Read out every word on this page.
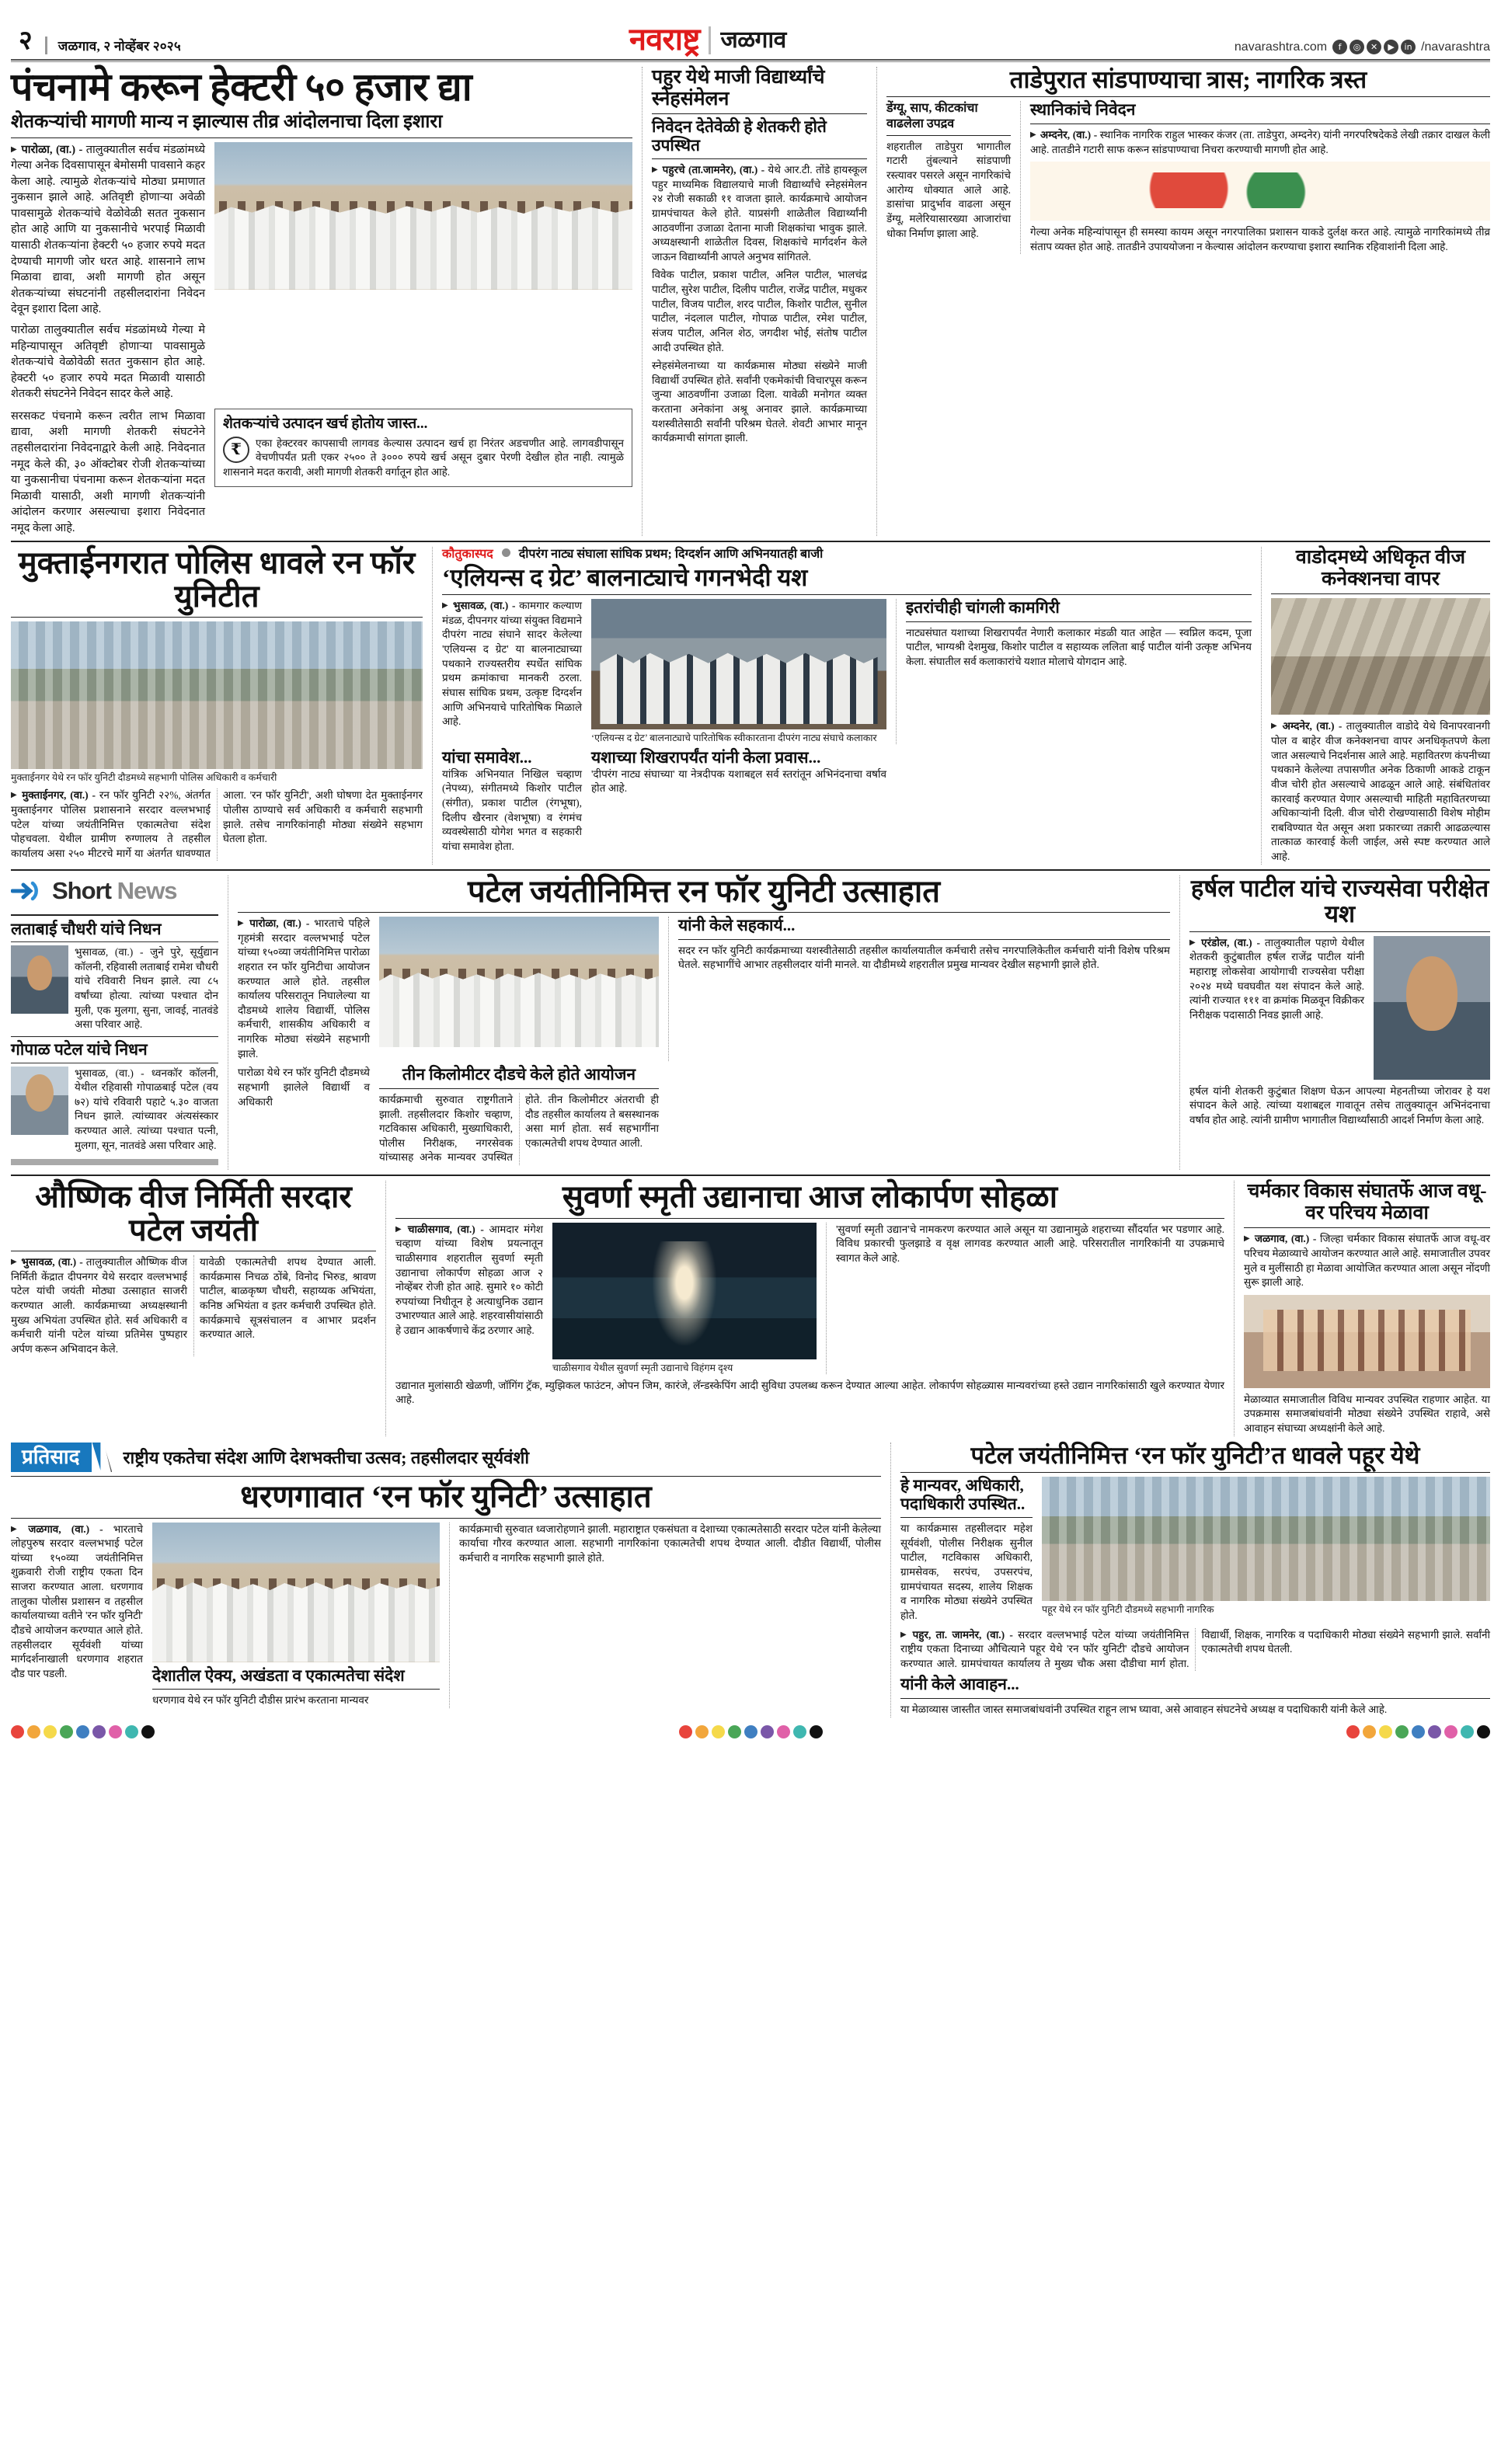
२	जळगाव, २ नोव्हेंबर २०२५	नवराष्ट्र जळगाव	navarashtra.com	f	◎	✕	▶	in /navarashtra
पंचनामे करून हेक्टरी ५० हजार द्या
शेतकऱ्यांची मागणी मान्य न झाल्यास तीव्र आंदोलनाचा दिला इशारा

▶ पारोळा, (वा.) - तालुक्यातील सर्वच मंडळांमध्ये गेल्या अनेक दिवसापासून बेमोसमी पावसाने कहर केला आहे. त्यामुळे शेतकऱ्यांचे मोठ्या प्रमाणात नुकसान झाले आहे. अतिवृष्टी होणाऱ्या अवेळी पावसामुळे शेतकऱ्यांचे वेळोवेळी सतत नुकसान होत आहे आणि या नुकसानीचे भरपाई मिळावी यासाठी शेतकऱ्यांना हेक्टरी ५० हजार रुपये मदत देण्याची मागणी जोर धरत आहे. शासनाने लाभ मिळावा द्यावा, अशी मागणी होत असून शेतकऱ्यांच्या संघटनांनी तहसीलदारांना निवेदन देवून इशारा दिला आहे.

पारोळा तालुक्यातील सर्वच मंडळांमध्ये गेल्या मे महिन्यापासून अतिवृष्टी होणाऱ्या पावसामुळे शेतकऱ्यांचे वेळोवेळी सतत नुकसान होत आहे. हेक्टरी ५० हजार रुपये मदत मिळावी यासाठी शेतकरी संघटनेने निवेदन सादर केले आहे.

सरसकट पंचनामे करून त्वरीत लाभ मिळावा द्यावा, अशी मागणी शेतकरी संघटनेने तहसीलदारांना निवेदनाद्वारे केली आहे. निवेदनात नमूद केले की, ३० ऑक्टोबर रोजी शेतकऱ्यांच्या या नुकसानीचा पंचनामा करून शेतकऱ्यांना मदत मिळावी यासाठी, अशी मागणी शेतकऱ्यांनी आंदोलन करणार असल्याचा इशारा निवेदनात नमूद केला आहे.

शेतकऱ्यांचे उत्पादन खर्च होतोय जास्त...
₹	एका हेक्टरवर कापसाची लागवड केल्यास उत्पादन खर्च हा निरंतर अडचणीत आहे. लागवडीपासून वेचणीपर्यंत प्रती एकर २५०० ते ३००० रुपये खर्च असून दुबार पेरणी देखील होत नाही. त्यामुळे शासनाने मदत करावी, अशी मागणी शेतकरी वर्गातून होत आहे.
पहुर येथे माजी विद्यार्थ्यांचे स्नेहसंमेलन
निवेदन देतेवेळी हे शेतकरी होते उपस्थित

▶ पहुरचे (ता.जामनेर), (वा.) - येथे आर.टी. तोंडे हायस्कूल पहुर माध्यमिक विद्यालयाचे माजी विद्यार्थ्यांचे स्नेहसंमेलन २४ रोजी सकाळी ११ वाजता झाले. कार्यक्रमाचे आयोजन ग्रामपंचायत केले होते. याप्रसंगी शाळेतील विद्यार्थ्यांनी आठवणींना उजाळा देताना माजी शिक्षकांचा भावुक झाले. अध्यक्षस्थानी शाळेतील दिवस, शिक्षकांचे मार्गदर्शन केले जाऊन विद्यार्थ्यांनी आपले अनुभव सांगितले.

विवेक पाटील, प्रकाश पाटील, अनिल पाटील, भालचंद्र पाटील, सुरेश पाटील, दिलीप पाटील, राजेंद्र पाटील, मधुकर पाटील, विजय पाटील, शरद पाटील, किशोर पाटील, सुनील पाटील, नंदलाल पाटील, गोपाळ पाटील, रमेश पाटील, संजय पाटील, अनिल शेठ, जगदीश भोई, संतोष पाटील आदी उपस्थित होते.

स्नेहसंमेलनाच्या या कार्यक्रमास मोठ्या संख्येने माजी विद्यार्थी उपस्थित होते. सर्वांनी एकमेकांची विचारपूस करून जुन्या आठवणींना उजाळा दिला. यावेळी मनोगत व्यक्त करताना अनेकांना अश्रू अनावर झाले. कार्यक्रमाच्या यशस्वीतेसाठी सर्वांनी परिश्रम घेतले. शेवटी आभार मानून कार्यक्रमाची सांगता झाली.

ताडेपुरात सांडपाण्याचा त्रास; नागरिक त्रस्त
डेंग्यू, साप, कीटकांचा वाढलेला उपद्रव

शहरातील ताडेपुरा भागातील गटारी तुंबल्याने सांडपाणी रस्त्यावर पसरले असून नागरिकांचे आरोग्य धोक्यात आले आहे. डासांचा प्रादुर्भाव वाढला असून डेंग्यू, मलेरियासारख्या आजारांचा धोका निर्माण झाला आहे.

स्थानिकांचे निवेदन

▶ अम्दनेर, (वा.) - स्थानिक नागरिक राहुल भास्कर कंजर (ता. ताडेपुरा, अम्दनेर) यांनी नगरपरिषदेकडे लेखी तक्रार दाखल केली आहे. तातडीने गटारी साफ करून सांडपाण्याचा निचरा करण्याची मागणी होत आहे.

गेल्या अनेक महिन्यांपासून ही समस्या कायम असून नगरपालिका प्रशासन याकडे दुर्लक्ष करत आहे. त्यामुळे नागरिकांमध्ये तीव्र संताप व्यक्त होत आहे. तातडीने उपाययोजना न केल्यास आंदोलन करण्याचा इशारा स्थानिक रहिवाशांनी दिला आहे.

मुक्ताईनगरात पोलिस धावले रन फॉर युनिटीत
मुक्ताईनगर येथे रन फॉर युनिटी दौडमध्ये सहभागी पोलिस अधिकारी व कर्मचारी

▶ मुक्ताईनगर, (वा.) - रन फॉर युनिटी २२%, अंतर्गत मुक्ताईनगर पोलिस प्रशासनाने सरदार वल्लभभाई पटेल यांच्या जयंतीनिमित्त एकात्मतेचा संदेश पोहचवला. येथील ग्रामीण रुग्णालय ते तहसील कार्यालय असा २५० मीटरचे मार्गे या अंतर्गत धावण्यात आला. 'रन फॉर युनिटी', अशी घोषणा देत मुक्ताईनगर पोलीस ठाण्याचे सर्व अधिकारी व कर्मचारी सहभागी झाले. तसेच नागरिकांनाही मोठ्या संख्येने सहभाग घेतला होता.

कौतुकास्पद दीपरंग नाट्य संघाला सांघिक प्रथम; दिग्दर्शन आणि अभिनयातही बाजी
‘एलियन्स द ग्रेट’ बालनाट्याचे गगनभेदी यश

▶ भुसावळ, (वा.) - कामगार कल्याण मंडळ, दीपनगर यांच्या संयुक्त विद्यमाने दीपरंग नाट्य संघाने सादर केलेल्या 'एलियन्स द ग्रेट' या बालनाट्याच्या पथकाने राज्यस्तरीय स्पर्धेत सांघिक प्रथम क्रमांकाचा मानकरी ठरला. संघास सांघिक प्रथम, उत्कृष्ट दिग्दर्शन आणि अभिनयाचे पारितोषिक मिळाले आहे.

‘एलियन्स द ग्रेट’ बालनाट्याचे पारितोषिक स्वीकारताना दीपरंग नाट्य संघाचे कलाकार
इतरांचीही चांगली कामगिरी

नाट्यसंघात यशाच्या शिखरापर्यंत नेणारी कलाकार मंडळी यात आहेत — स्वप्निल कदम, पूजा पाटील, भाग्यश्री देशमुख, किशोर पाटील व सहाय्यक ललिता बाई पाटील यांनी उत्कृष्ट अभिनय केला. संघातील सर्व कलाकारांचे यशात मोलाचे योगदान आहे.

यांचा समावेश...

यांत्रिक अभिनयात निखिल चव्हाण (नेपथ्य), संगीतमध्ये किशोर पाटील (संगीत), प्रकाश पाटील (रंगभूषा), दिलीप खैरनार (वेशभूषा) व रंगमंच व्यवस्थेसाठी योगेश भगत व सहकारी यांचा समावेश होता.

यशाच्या शिखरापर्यंत यांनी केला प्रवास...

'दीपरंग नाट्य संघाच्या' या नेत्रदीपक यशाबद्दल सर्व स्तरांतून अभिनंदनाचा वर्षाव होत आहे.

वाडोदमध्ये अधिकृत वीज कनेक्शनचा वापर

▶ अम्दनेर, (वा.) - तालुक्यातील वाडोदे येथे विनापरवानगी पोल व बाहेर वीज कनेक्शनचा वापर अनधिकृतपणे केला जात असल्याचे निदर्शनास आले आहे. महावितरण कंपनीच्या पथकाने केलेल्या तपासणीत अनेक ठिकाणी आकडे टाकून वीज चोरी होत असल्याचे आढळून आले आहे. संबंधितांवर कारवाई करण्यात येणार असल्याची माहिती महावितरणच्या अधिकाऱ्यांनी दिली. वीज चोरी रोखण्यासाठी विशेष मोहीम राबविण्यात येत असून अशा प्रकारच्या तक्रारी आढळल्यास तात्काळ कारवाई केली जाईल, असे स्पष्ट करण्यात आले आहे.

Short News
लताबाई चौधरी यांचे निधन

भुसावळ, (वा.) - जुने पुरे, सूर्युद्यान कॉलनी, रहिवासी लताबाई रामेश चौधरी यांचे रविवारी निधन झाले. त्या ८५ वर्षांच्या होत्या. त्यांच्या पश्चात दोन मुली, एक मुलगा, सुना, जावई, नातवंडे असा परिवार आहे.

गोपाळ पटेल यांचे निधन

भुसावळ, (वा.) - ध्वनकॉर कॉलनी, येथील रहिवासी गोपाळबाई पटेल (वय ७२) यांचे रविवारी पहाटे ५.३० वाजता निधन झाले. त्यांच्यावर अंत्यसंस्कार करण्यात आले. त्यांच्या पश्चात पत्नी, मुलगा, सून, नातवंडे असा परिवार आहे.

पटेल जयंतीनिमित्त रन फॉर युनिटी उत्साहात

▶ पारोळा, (वा.) - भारताचे पहिले गृहमंत्री सरदार वल्लभभाई पटेल यांच्या १५०व्या जयंतीनिमित्त पारोळा शहरात रन फॉर युनिटीचा आयोजन करण्यात आले होते. तहसील कार्यालय परिसरातून निघालेल्या या दौडमध्ये शालेय विद्यार्थी, पोलिस कर्मचारी, शासकीय अधिकारी व नागरिक मोठ्या संख्येने सहभागी झाले.

यांनी केले सहकार्य...

सदर रन फॉर युनिटी कार्यक्रमाच्या यशस्वीतेसाठी तहसील कार्यालयातील कर्मचारी तसेच नगरपालिकेतील कर्मचारी यांनी विशेष परिश्रम घेतले. सहभागींचे आभार तहसीलदार यांनी मानले. या दौडीमध्ये शहरातील प्रमुख मान्यवर देखील सहभागी झाले होते.

पारोळा येथे रन फॉर युनिटी दौडमध्ये सहभागी झालेले विद्यार्थी व अधिकारी

तीन किलोमीटर दौडचे केले होते आयोजन

कार्यक्रमाची सुरुवात राष्ट्रगीताने झाली. तहसीलदार किशोर चव्हाण, गटविकास अधिकारी, मुख्याधिकारी, पोलीस निरीक्षक, नगरसेवक यांच्यासह अनेक मान्यवर उपस्थित होते. तीन किलोमीटर अंतराची ही दौड तहसील कार्यालय ते बसस्थानक असा मार्ग होता. सर्व सहभागींना एकात्मतेची शपथ देण्यात आली.

हर्षल पाटील यांचे राज्यसेवा परीक्षेत यश

▶ एरंडोल, (वा.) - तालुक्यातील पहाणे येथील शेतकरी कुटुंबातील हर्षल राजेंद्र पाटील यांनी महाराष्ट्र लोकसेवा आयोगाची राज्यसेवा परीक्षा २०२४ मध्ये घवघवीत यश संपादन केले आहे. त्यांनी राज्यात १११ वा क्रमांक मिळवून विक्रीकर निरीक्षक पदासाठी निवड झाली आहे.

हर्षल यांनी शेतकरी कुटुंबात शिक्षण घेऊन आपल्या मेहनतीच्या जोरावर हे यश संपादन केले आहे. त्यांच्या यशाबद्दल गावातून तसेच तालुक्यातून अभिनंदनाचा वर्षाव होत आहे. त्यांनी ग्रामीण भागातील विद्यार्थ्यांसाठी आदर्श निर्माण केला आहे.

औष्णिक वीज निर्मिती सरदार पटेल जयंती

▶ भुसावळ, (वा.) - तालुक्यातील औष्णिक वीज निर्मिती केंद्रात दीपनगर येथे सरदार वल्लभभाई पटेल यांची जयंती मोठ्या उत्साहात साजरी करण्यात आली. कार्यक्रमाच्या अध्यक्षस्थानी मुख्य अभियंता उपस्थित होते. सर्व अधिकारी व कर्मचारी यांनी पटेल यांच्या प्रतिमेस पुष्पहार अर्पण करून अभिवादन केले.

यावेळी एकात्मतेची शपथ देण्यात आली. कार्यक्रमास निचळ ठोंबे, विनोद भिरुड, श्रावण पाटील, बाळकृष्ण चौधरी, सहाय्यक अभियंता, कनिष्ठ अभियंता व इतर कर्मचारी उपस्थित होते. कार्यक्रमाचे सूत्रसंचालन व आभार प्रदर्शन करण्यात आले.

सुवर्णा स्मृती उद्यानाचा आज लोकार्पण सोहळा

▶ चाळीसगाव, (वा.) - आमदार मंगेश चव्हाण यांच्या विशेष प्रयत्नातून चाळीसगाव शहरातील सुवर्णा स्मृती उद्यानाचा लोकार्पण सोहळा आज २ नोव्हेंबर रोजी होत आहे. सुमारे १० कोटी रुपयांच्या निधीतून हे अत्याधुनिक उद्यान उभारण्यात आले आहे. शहरवासीयांसाठी हे उद्यान आकर्षणाचे केंद्र ठरणार आहे.

चाळीसगाव येथील सुवर्णा स्मृती उद्यानाचे विहंगम दृश्य

'सुवर्णा स्मृती उद्यान'चे नामकरण करण्यात आले असून या उद्यानामुळे शहराच्या सौंदर्यात भर पडणार आहे. विविध प्रकारची फुलझाडे व वृक्ष लागवड करण्यात आली आहे. परिसरातील नागरिकांनी या उपक्रमाचे स्वागत केले आहे.

उद्यानात मुलांसाठी खेळणी, जॉगिंग ट्रॅक, म्युझिकल फाउंटन, ओपन जिम, कारंजे, लॅन्डस्केपिंग आदी सुविधा उपलब्ध करून देण्यात आल्या आहेत. लोकार्पण सोहळ्यास मान्यवरांच्या हस्ते उद्यान नागरिकांसाठी खुले करण्यात येणार आहे.

चर्मकार विकास संघातर्फे आज वधू-वर परिचय मेळावा

▶ जळगाव, (वा.) - जिल्हा चर्मकार विकास संघातर्फे आज वधू-वर परिचय मेळाव्याचे आयोजन करण्यात आले आहे. समाजातील उपवर मुले व मुलींसाठी हा मेळावा आयोजित करण्यात आला असून नोंदणी सुरू झाली आहे.

मेळाव्यात समाजातील विविध मान्यवर उपस्थित राहणार आहेत. या उपक्रमास समाजबांधवांनी मोठ्या संख्येने उपस्थित राहावे, असे आवाहन संघाच्या अध्यक्षांनी केले आहे.

प्रतिसाद	राष्ट्रीय एकतेचा संदेश आणि देशभक्तीचा उत्सव; तहसीलदार सूर्यवंशी
धरणगावात ‘रन फॉर युनिटी’ उत्साहात

▶ जळगाव, (वा.) - भारताचे लोहपुरुष सरदार वल्लभभाई पटेल यांच्या १५०व्या जयंतीनिमित्त शुक्रवारी रोजी राष्ट्रीय एकता दिन साजरा करण्यात आला. धरणगाव तालुका पोलीस प्रशासन व तहसील कार्यालयाच्या वतीने 'रन फॉर युनिटी' दौडचे आयोजन करण्यात आले होते. तहसीलदार सूर्यवंशी यांच्या मार्गदर्शनाखाली धरणगाव शहरात दौड पार पडली.	देशातील ऐक्य, अखंडता व एकात्मतेचा संदेश

धरणगाव येथे रन फॉर युनिटी दौडीस प्रारंभ करताना मान्यवर

कार्यक्रमाची सुरुवात ध्वजारोहणाने झाली. महाराष्ट्रात एकसंघता व देशाच्या एकात्मतेसाठी सरदार पटेल यांनी केलेल्या कार्याचा गौरव करण्यात आला. सहभागी नागरिकांना एकात्मतेची शपथ देण्यात आली. दौडीत विद्यार्थी, पोलीस कर्मचारी व नागरिक सहभागी झाले होते.

पटेल जयंतीनिमित्त ‘रन फॉर युनिटी’त धावले पहूर येथे
हे मान्यवर, अधिकारी, पदाधिकारी उपस्थित..

या कार्यक्रमास तहसीलदार महेश सूर्यवंशी, पोलीस निरीक्षक सुनील पाटील, गटविकास अधिकारी, ग्रामसेवक, सरपंच, उपसरपंच, ग्रामपंचायत सदस्य, शालेय शिक्षक व नागरिक मोठ्या संख्येने उपस्थित होते.	पहूर येथे रन फॉर युनिटी दौडमध्ये सहभागी नागरिक

▶ पहुर, ता. जामनेर, (वा.) - सरदार वल्लभभाई पटेल यांच्या जयंतीनिमित्त राष्ट्रीय एकता दिनाच्या औचित्याने पहूर येथे 'रन फॉर युनिटी' दौडचे आयोजन करण्यात आले. ग्रामपंचायत कार्यालय ते मुख्य चौक असा दौडीचा मार्ग होता. विद्यार्थी, शिक्षक, नागरिक व पदाधिकारी मोठ्या संख्येने सहभागी झाले. सर्वांनी एकात्मतेची शपथ घेतली.

यांनी केले आवाहन...

या मेळाव्यास जास्तीत जास्त समाजबांधवांनी उपस्थित राहून लाभ घ्यावा, असे आवाहन संघटनेचे अध्यक्ष व पदाधिकारी यांनी केले आहे.
